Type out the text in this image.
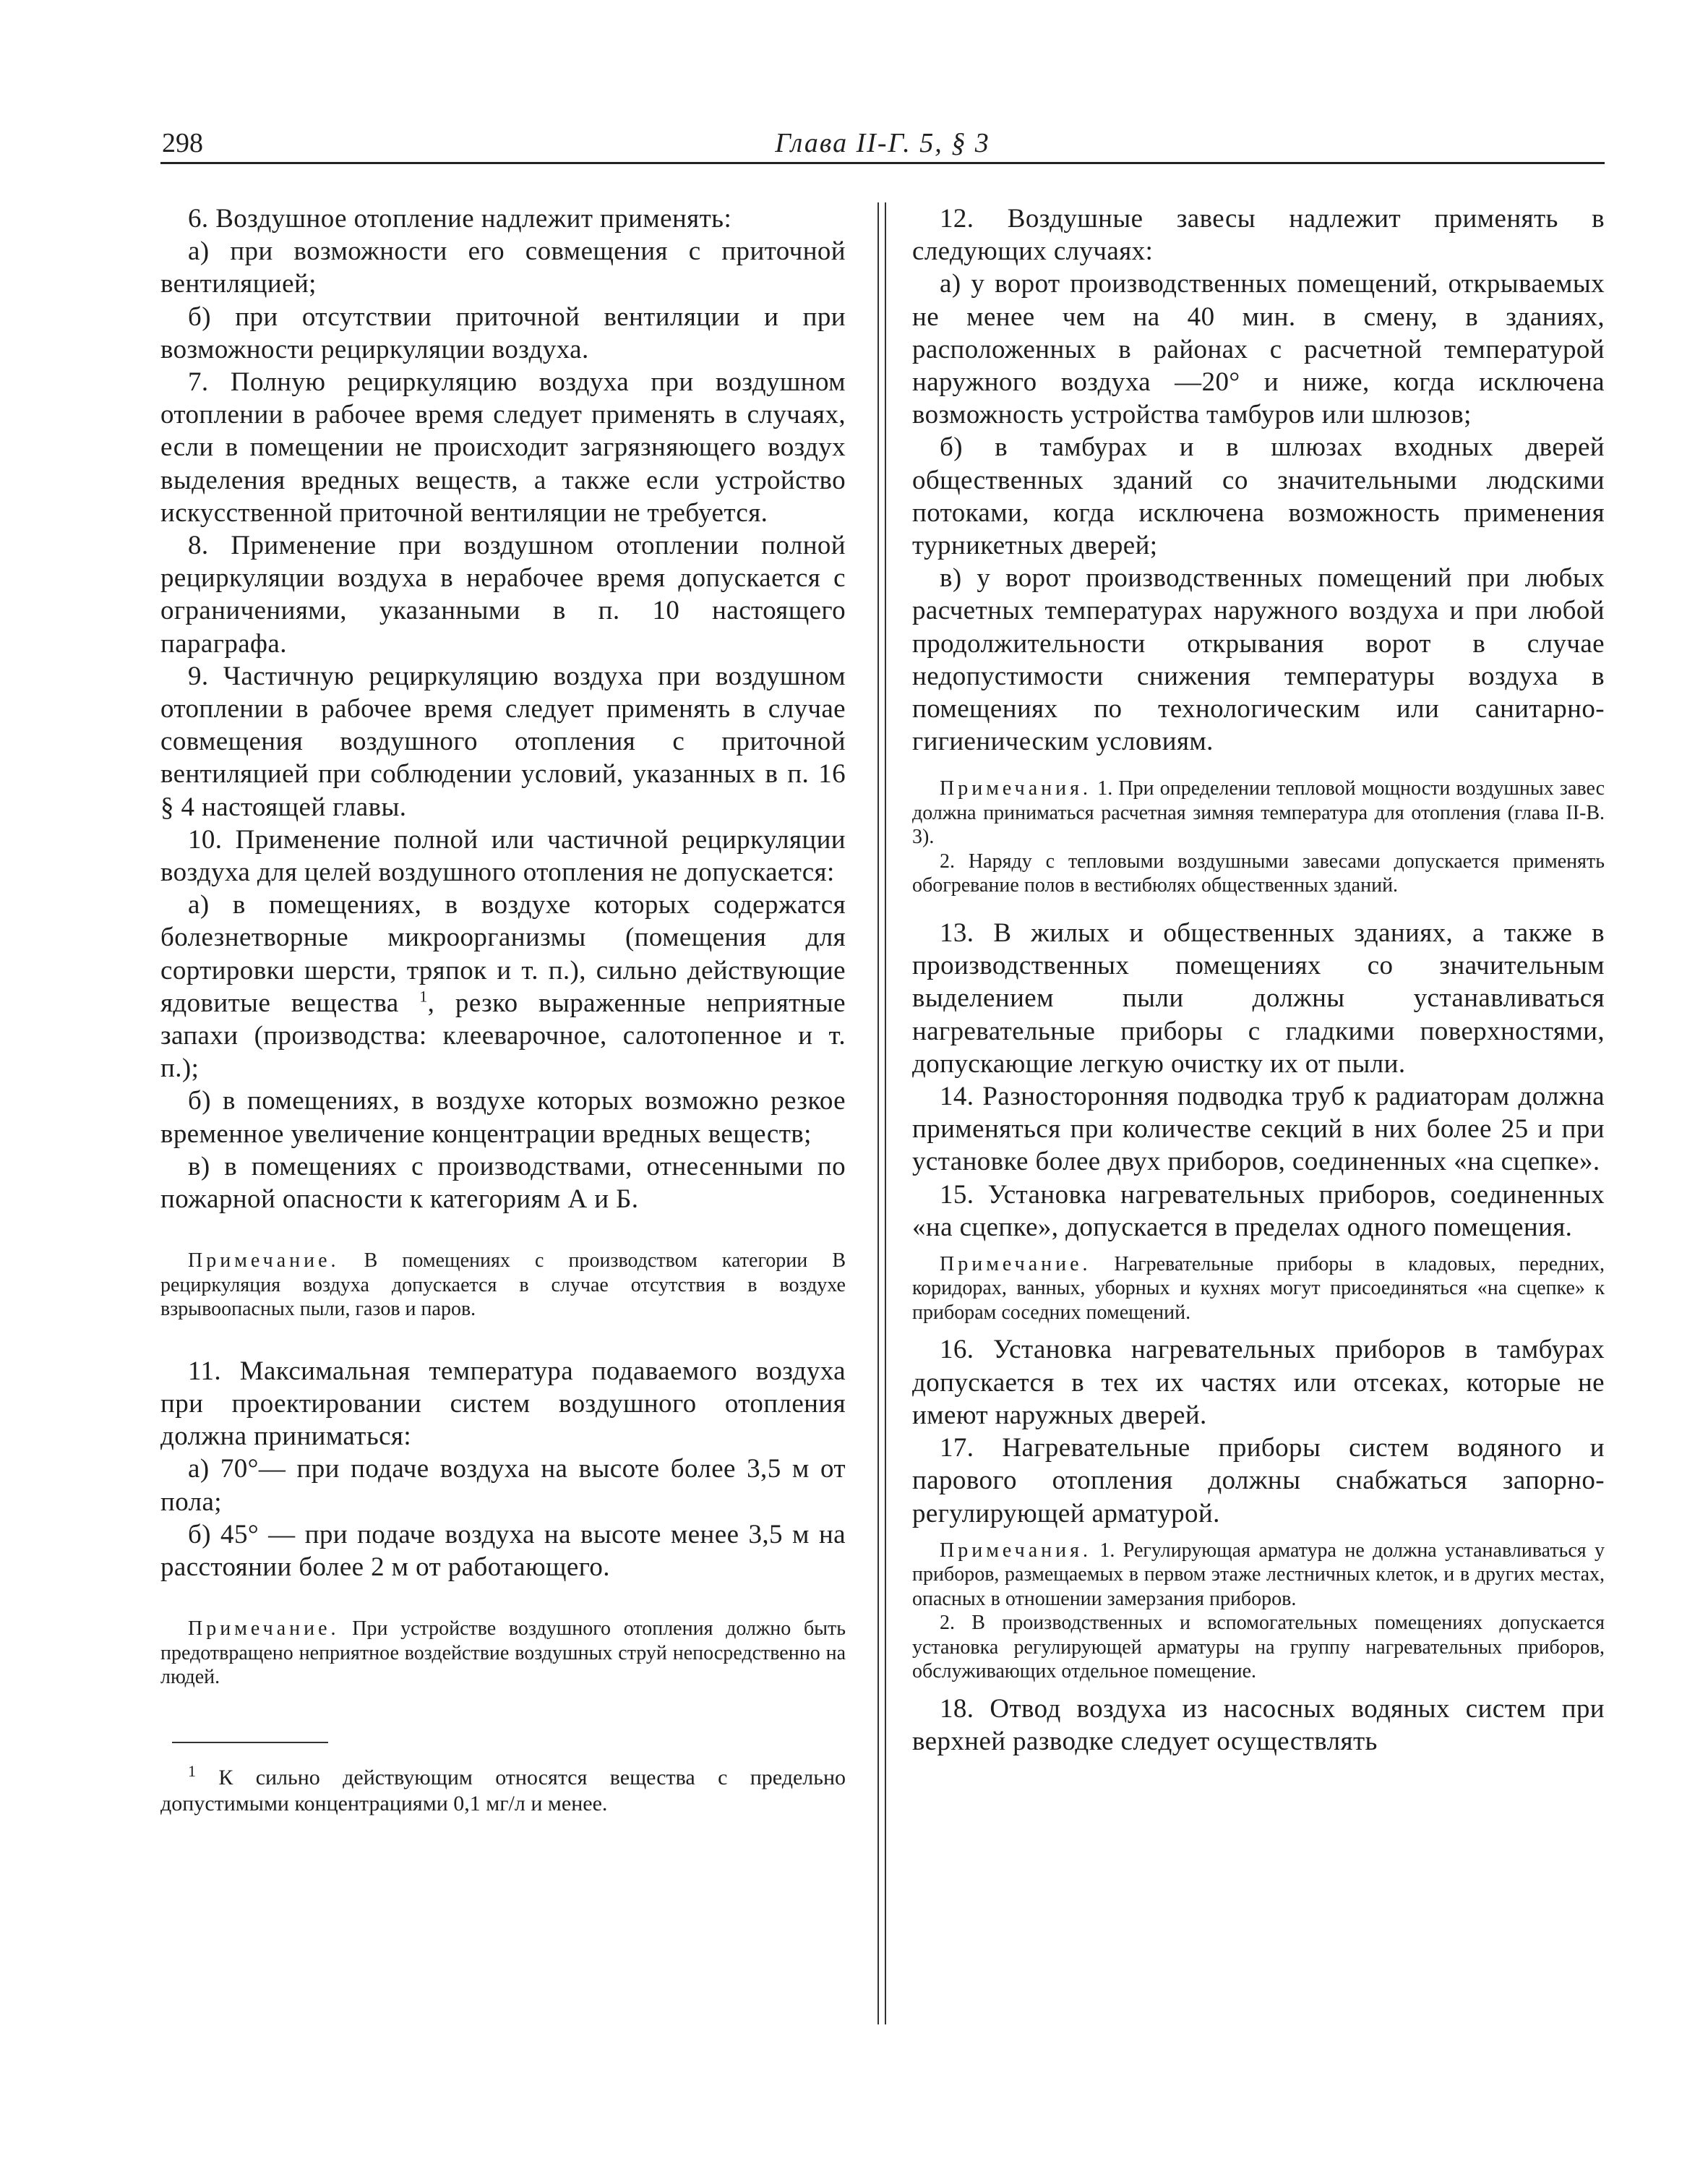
298	Глава II-Г. 5, § 3

6. Воздушное отопление надлежит применять:

а) при возможности его совмещения с приточной вентиляцией;

б) при отсутствии приточной вентиляции и при возможности рециркуляции воздуха.

7. Полную рециркуляцию воздуха при воздушном отоплении в рабочее время следует применять в случаях, если в помещении не происходит загрязняющего воздух выделения вредных веществ, а также если устройство искусственной приточной вентиляции не требуется.

8. Применение при воздушном отоплении полной рециркуляции воздуха в нерабочее время допускается с ограничениями, указанными в п. 10 настоящего параграфа.

9. Частичную рециркуляцию воздуха при воздушном отоплении в рабочее время следует применять в случае совмещения воздушного отопления с приточной вентиляцией при соблюдении условий, указанных в п. 16 § 4 настоящей главы.

10. Применение полной или частичной рециркуляции воздуха для целей воздушного отопления не допускается:

а) в помещениях, в воздухе которых содержатся болезнетворные микроорганизмы (помещения для сортировки шерсти, тряпок и т. п.), сильно действующие ядовитые вещества $^1$, резко выраженные неприятные запахи (производства: клееварочное, салотопенное и т. п.);

б) в помещениях, в воздухе которых возможно резкое временное увеличение концентрации вредных веществ;

в) в помещениях с производствами, отнесенными по пожарной опасности к категориям А и Б.

Примечание. В помещениях с производством категории В рециркуляция воздуха допускается в случае отсутствия в воздухе взрывоопасных пыли, газов и паров.

11. Максимальная температура подаваемого воздуха при проектировании систем воздушного отопления должна приниматься:

а) 70°— при подаче воздуха на высоте более 3,5 м от пола;

б) 45° — при подаче воздуха на высоте менее 3,5 м на расстоянии более 2 м от работающего.

Примечание. При устройстве воздушного отопления должно быть предотвращено неприятное воздействие воздушных струй непосредственно на людей.

$^1$ К сильно действующим относятся вещества с предельно допустимыми концентрациями 0,1 мг/л и менее.

12. Воздушные завесы надлежит применять в следующих случаях:

а) у ворот производственных помещений, открываемых не менее чем на 40 мин. в смену, в зданиях, расположенных в районах с расчетной температурой наружного воздуха —20° и ниже, когда исключена возможность устройства тамбуров или шлюзов;

б) в тамбурах и в шлюзах входных дверей общественных зданий со значительными людскими потоками, когда исключена возможность применения турникетных дверей;

в) у ворот производственных помещений при любых расчетных температурах наружного воздуха и при любой продолжительности открывания ворот в случае недопустимости снижения температуры воздуха в помещениях по технологическим или санитарно-гигиеническим условиям.

Примечания. 1. При определении тепловой мощности воздушных завес должна приниматься расчетная зимняя температура для отопления (глава II-В. 3).

2. Наряду с тепловыми воздушными завесами допускается применять обогревание полов в вестибюлях общественных зданий.

13. В жилых и общественных зданиях, а также в производственных помещениях со значительным выделением пыли должны устанавливаться нагревательные приборы с гладкими поверхностями, допускающие легкую очистку их от пыли.

14. Разносторонняя подводка труб к радиаторам должна применяться при количестве секций в них более 25 и при установке более двух приборов, соединенных «на сцепке».

15. Установка нагревательных приборов, соединенных «на сцепке», допускается в пределах одного помещения.

Примечание. Нагревательные приборы в кладовых, передних, коридорах, ванных, уборных и кухнях могут присоединяться «на сцепке» к приборам соседних помещений.

16. Установка нагревательных приборов в тамбурах допускается в тех их частях или отсеках, которые не имеют наружных дверей.

17. Нагревательные приборы систем водяного и парового отопления должны снабжаться запорно-регулирующей арматурой.

Примечания. 1. Регулирующая арматура не должна устанавливаться у приборов, размещаемых в первом этаже лестничных клеток, и в других местах, опасных в отношении замерзания приборов.

2. В производственных и вспомогательных помещениях допускается установка регулирующей арматуры на группу нагревательных приборов, обслуживающих отдельное помещение.

18. Отвод воздуха из насосных водяных систем при верхней разводке следует осуществлять
